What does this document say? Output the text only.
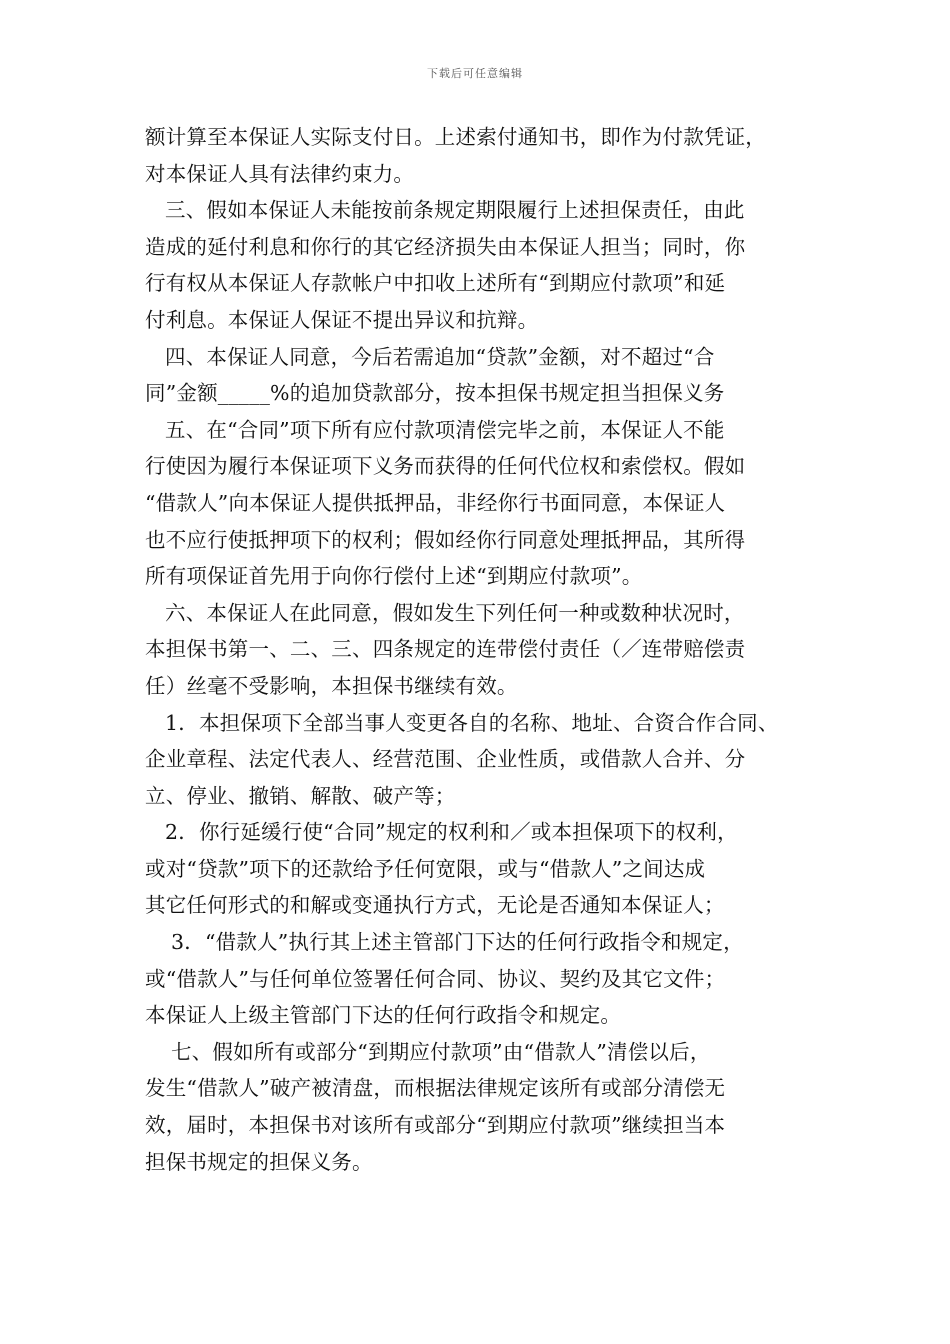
下载后可任意编辑

额计算至本保证人实际支付日。上述索付通知书，即作为付款凭证，

对本保证人具有法律约束力。

三、假如本保证人未能按前条规定期限履行上述担保责任，由此

造成的延付利息和你行的其它经济损失由本保证人担当；同时，你

行有权从本保证人存款帐户中扣收上述所有“到期应付款项”和延

付利息。本保证人保证不提出异议和抗辩。

四、本保证人同意，今后若需追加“贷款”金额，对不超过“合

同”金额_____%的追加贷款部分，按本担保书规定担当担保义务

五、在“合同”项下所有应付款项清偿完毕之前，本保证人不能

行使因为履行本保证项下义务而获得的任何代位权和索偿权。假如

“借款人”向本保证人提供抵押品，非经你行书面同意，本保证人

也不应行使抵押项下的权利；假如经你行同意处理抵押品，其所得

所有项保证首先用于向你行偿付上述“到期应付款项”。

六、本保证人在此同意，假如发生下列任何一种或数种状况时，

本担保书第一、二、三、四条规定的连带偿付责任（／连带赔偿责

任）丝毫不受影响，本担保书继续有效。

1．本担保项下全部当事人变更各自的名称、地址、合资合作合同、

企业章程、法定代表人、经营范围、企业性质，或借款人合并、分

立、停业、撤销、解散、破产等；

2．你行延缓行使“合同”规定的权利和／或本担保项下的权利，

或对“贷款”项下的还款给予任何宽限，或与“借款人”之间达成

其它任何形式的和解或变通执行方式，无论是否通知本保证人；

3．“借款人”执行其上述主管部门下达的任何行政指令和规定，

或“借款人”与任何单位签署任何合同、协议、契约及其它文件；

本保证人上级主管部门下达的任何行政指令和规定。

七、假如所有或部分“到期应付款项”由“借款人”清偿以后，

发生“借款人”破产被清盘，而根据法律规定该所有或部分清偿无

效，届时，本担保书对该所有或部分“到期应付款项”继续担当本

担保书规定的担保义务。
